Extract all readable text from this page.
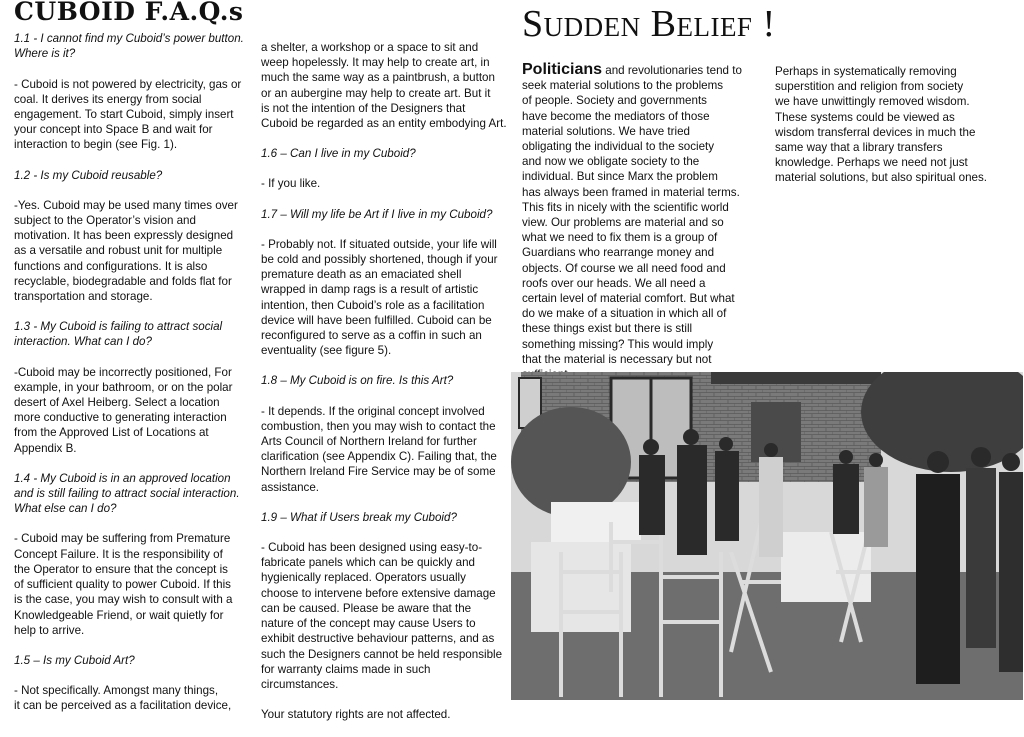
CUBOID F.A.Q.s

1.1 - I cannot find my Cuboid’s power button.
Where is it?

- Cuboid is not powered by electricity, gas or
coal. It derives its energy from social
engagement. To start Cuboid, simply insert
your concept into Space B and wait for
interaction to begin (see Fig. 1).

1.2 - Is my Cuboid reusable?

-Yes. Cuboid may be used many times over
subject to the Operator’s vision and
motivation. It has been expressly designed
as a versatile and robust unit for multiple
functions and configurations. It is also
recyclable, biodegradable and folds flat for
transportation and storage.

1.3 - My Cuboid is failing to attract social
interaction. What can I do?

-Cuboid may be incorrectly positioned, For
example, in your bathroom, or on the polar
desert of Axel Heiberg. Select a location
more conductive to generating interaction
from the Approved List of Locations at
Appendix B.

1.4 - My Cuboid is in an approved location
and is still failing to attract social interaction.
What else can I do?

- Cuboid may be suffering from Premature
Concept Failure. It is the responsibility of
the Operator to ensure that the concept is
of sufficient quality to power Cuboid. If this
is the case, you may wish to consult with a
Knowledgeable Friend, or wait quietly for
help to arrive.

1.5 – Is my Cuboid Art?

- Not specifically. Amongst many things,
it can be perceived as a facilitation device,

a shelter, a workshop or a space to sit and
weep hopelessly. It may help to create art, in
much the same way as a paintbrush, a button
or an aubergine may help to create art. But it
is not the intention of the Designers that
Cuboid be regarded as an entity embodying Art.

1.6 – Can I live in my Cuboid?

- If you like.

1.7 – Will my life be Art if I live in my Cuboid?

- Probably not. If situated outside, your life will
be cold and possibly shortened, though if your
premature death as an emaciated shell
wrapped in damp rags is a result of artistic
intention, then Cuboid’s role as a facilitation
device will have been fulfilled. Cuboid can be
reconfigured to serve as a coffin in such an
eventuality (see figure 5).

1.8 – My Cuboid is on fire. Is this Art?

- It depends. If the original concept involved
combustion, then you may wish to contact the
Arts Council of Northern Ireland for further
clarification (see Appendix C). Failing that, the
Northern Ireland Fire Service may be of some
assistance.

1.9 – What if Users break my Cuboid?

- Cuboid has been designed using easy-to-
fabricate panels which can be quickly and
hygienically replaced. Operators usually
choose to intervene before extensive damage
can be caused. Please be aware that the
nature of the concept may cause Users to
exhibit destructive behaviour patterns, and as
such the Designers cannot be held responsible
for warranty claims made in such
circumstances.

Your statutory rights are not affected.

Sudden Belief !

Politicians and revolutionaries tend to
seek material solutions to the problems
of people. Society and governments
have become the mediators of those
material solutions. We have tried
obligating the individual to the society
and now we obligate society to the
individual. But since Marx the problem
has always been framed in material terms.
This fits in nicely with the scientific world
view. Our problems are material and so
what we need to fix them is a group of
Guardians who rearrange money and
objects. Of course we all need food and
roofs over our heads. We all need a
certain level of material comfort. But what
do we make of a situation in which all of
these things exist but there is still
something missing? This would imply
that the material is necessary but not

Perhaps in systematically removing
superstition and religion from society
we have unwittingly removed wisdom.
These systems could be viewed as
wisdom transferral devices in much the
same way that a library transfers
knowledge. Perhaps we need not just
material solutions, but also spiritual ones.
